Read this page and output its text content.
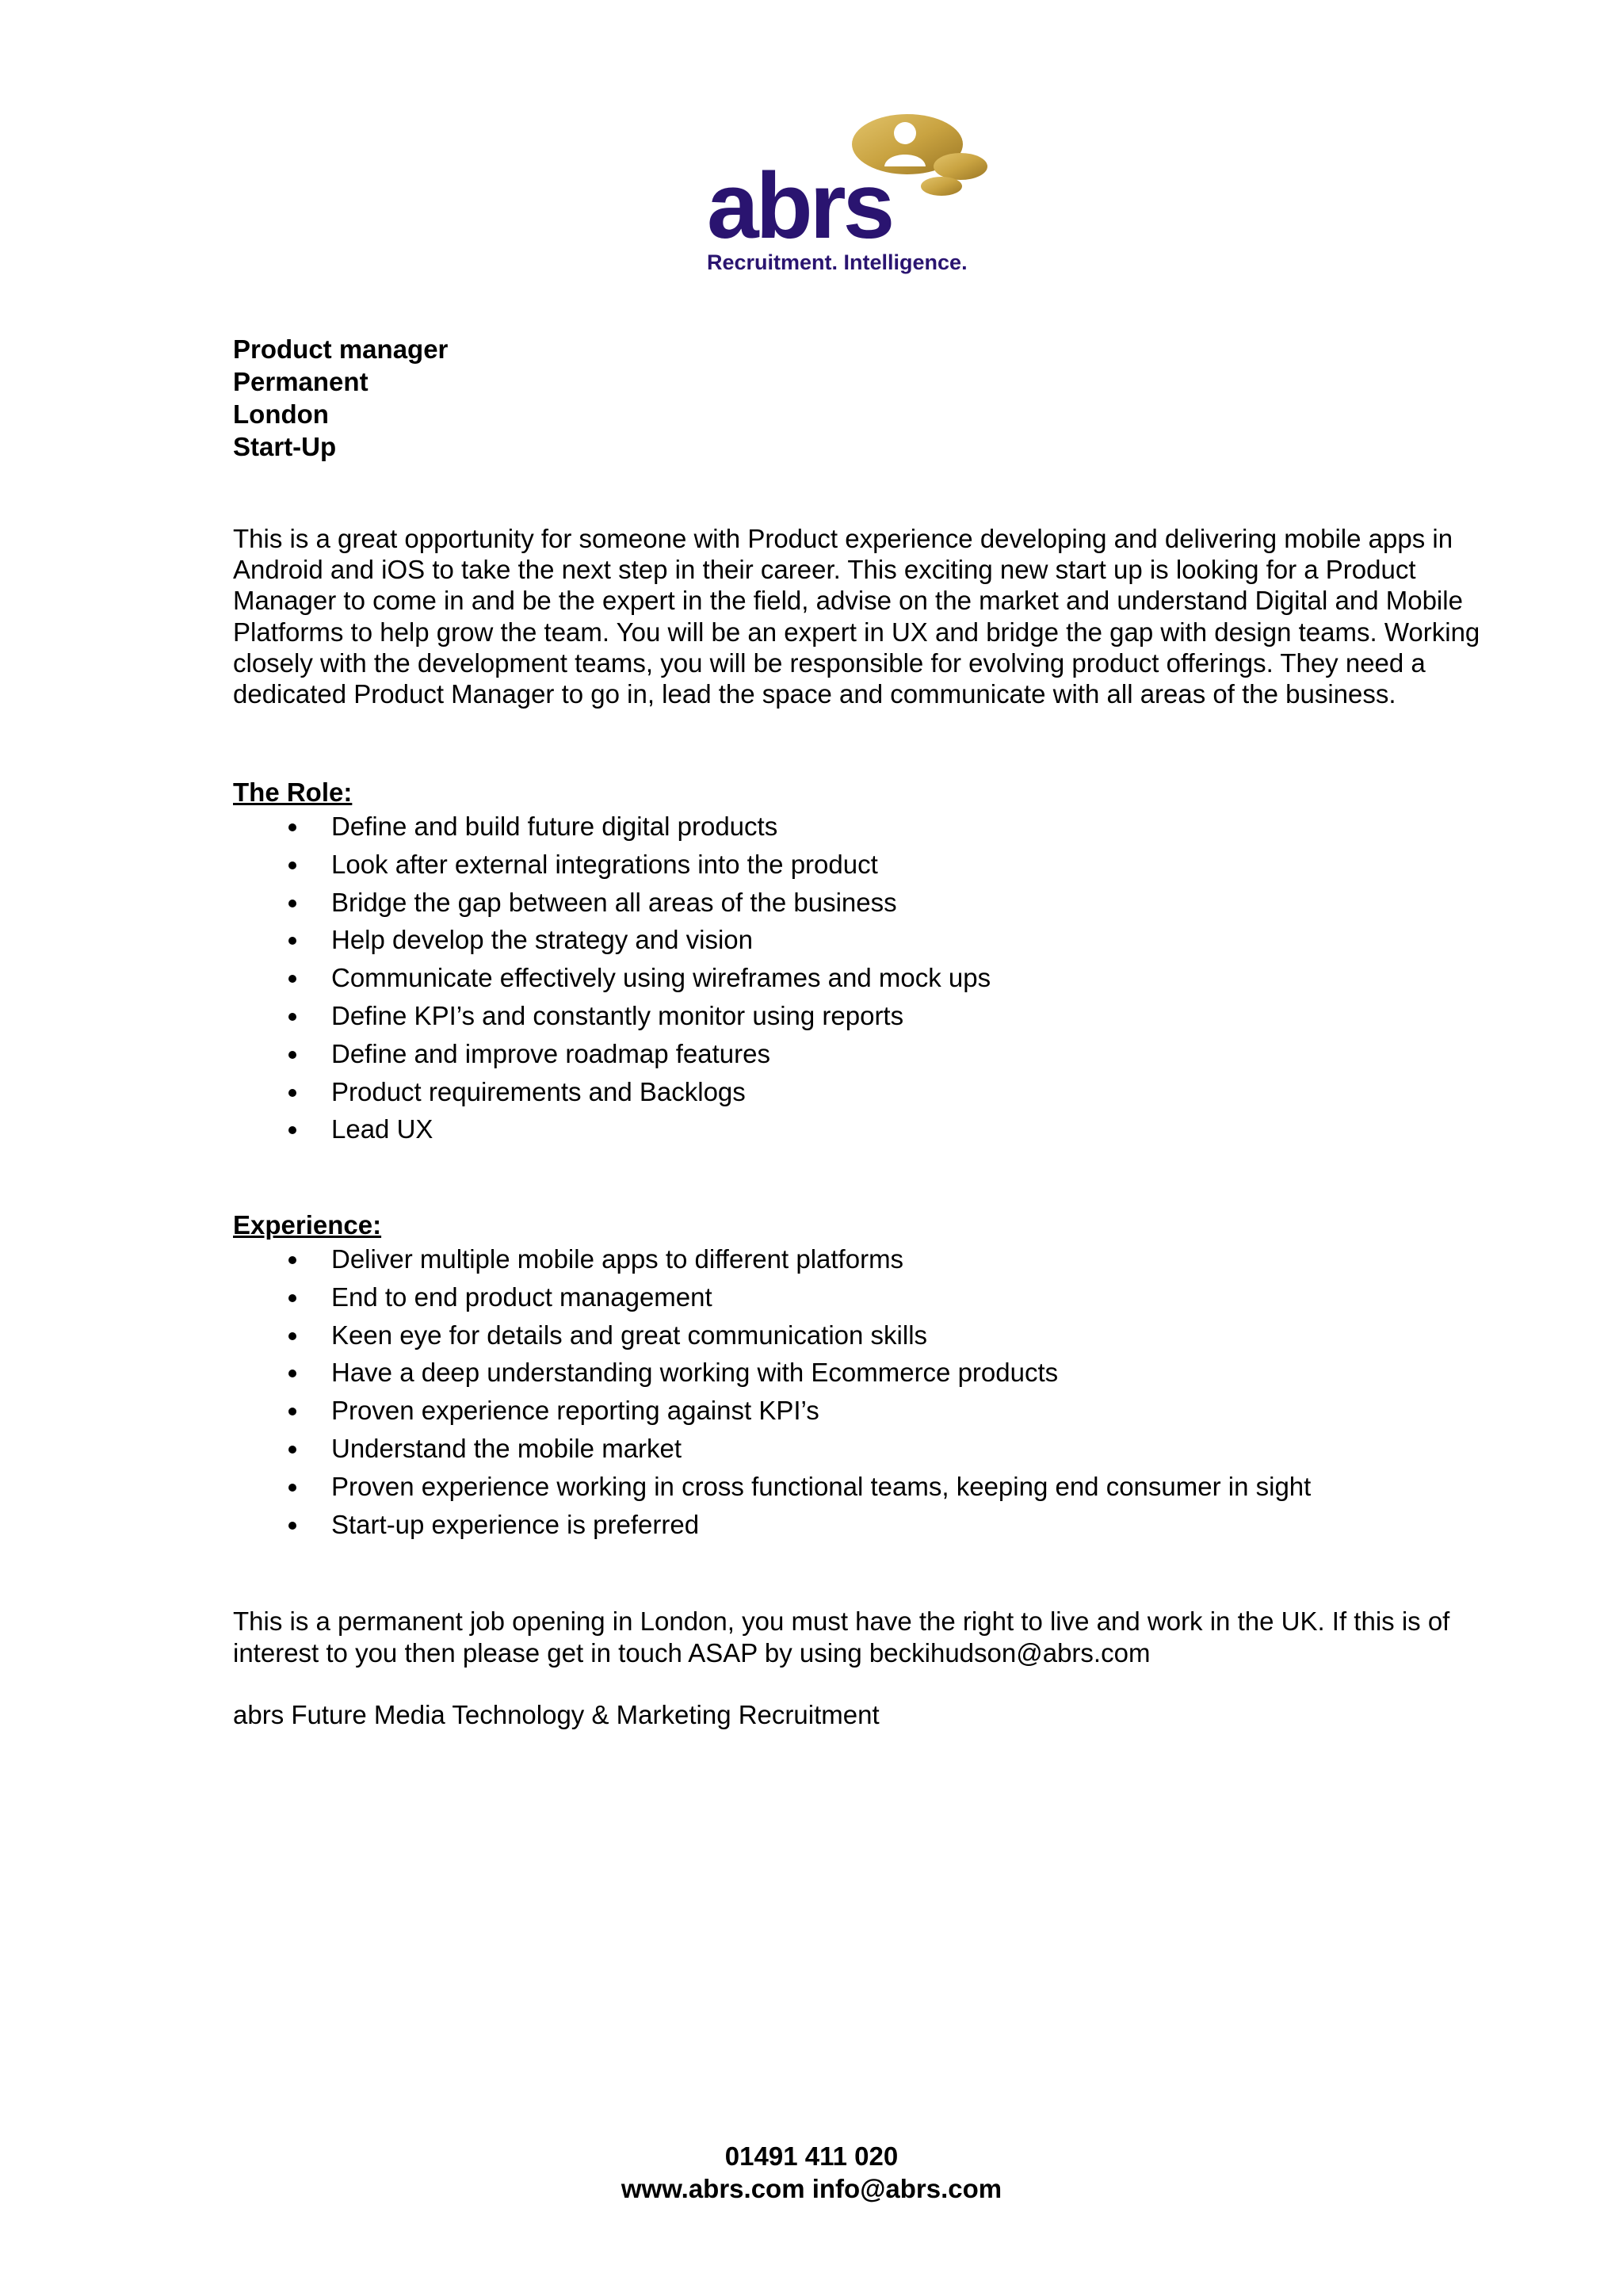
abrs
Recruitment. Intelligence.
Product manager
Permanent
London
Start-Up
This is a great opportunity for someone with Product experience developing and delivering mobile apps in Android and iOS to take the next step in their career. This exciting new start up is looking for a Product Manager to come in and be the expert in the field, advise on the market and understand Digital and Mobile Platforms to help grow the team. You will be an expert in UX and bridge the gap with design teams. Working closely with the development teams, you will be responsible for evolving product offerings. They need a dedicated Product Manager to go in, lead the space and communicate with all areas of the business.
The Role:
Define and build future digital products
Look after external integrations into the product
Bridge the gap between all areas of the business
Help develop the strategy and vision
Communicate effectively using wireframes and mock ups
Define KPI’s and constantly monitor using reports
Define and improve roadmap features
Product requirements and Backlogs
Lead UX
Experience:
Deliver multiple mobile apps to different platforms
End to end product management
Keen eye for details and great communication skills
Have a deep understanding working with Ecommerce products
Proven experience reporting against KPI’s
Understand the mobile market
Proven experience working in cross functional teams, keeping end consumer in sight
Start-up experience is preferred
This is a permanent job opening in London, you must have the right to live and work in the UK. If this is of interest to you then please get in touch ASAP by using beckihudson@abrs.com
abrs Future Media Technology & Marketing Recruitment
01491 411 020
www.abrs.com info@abrs.com
